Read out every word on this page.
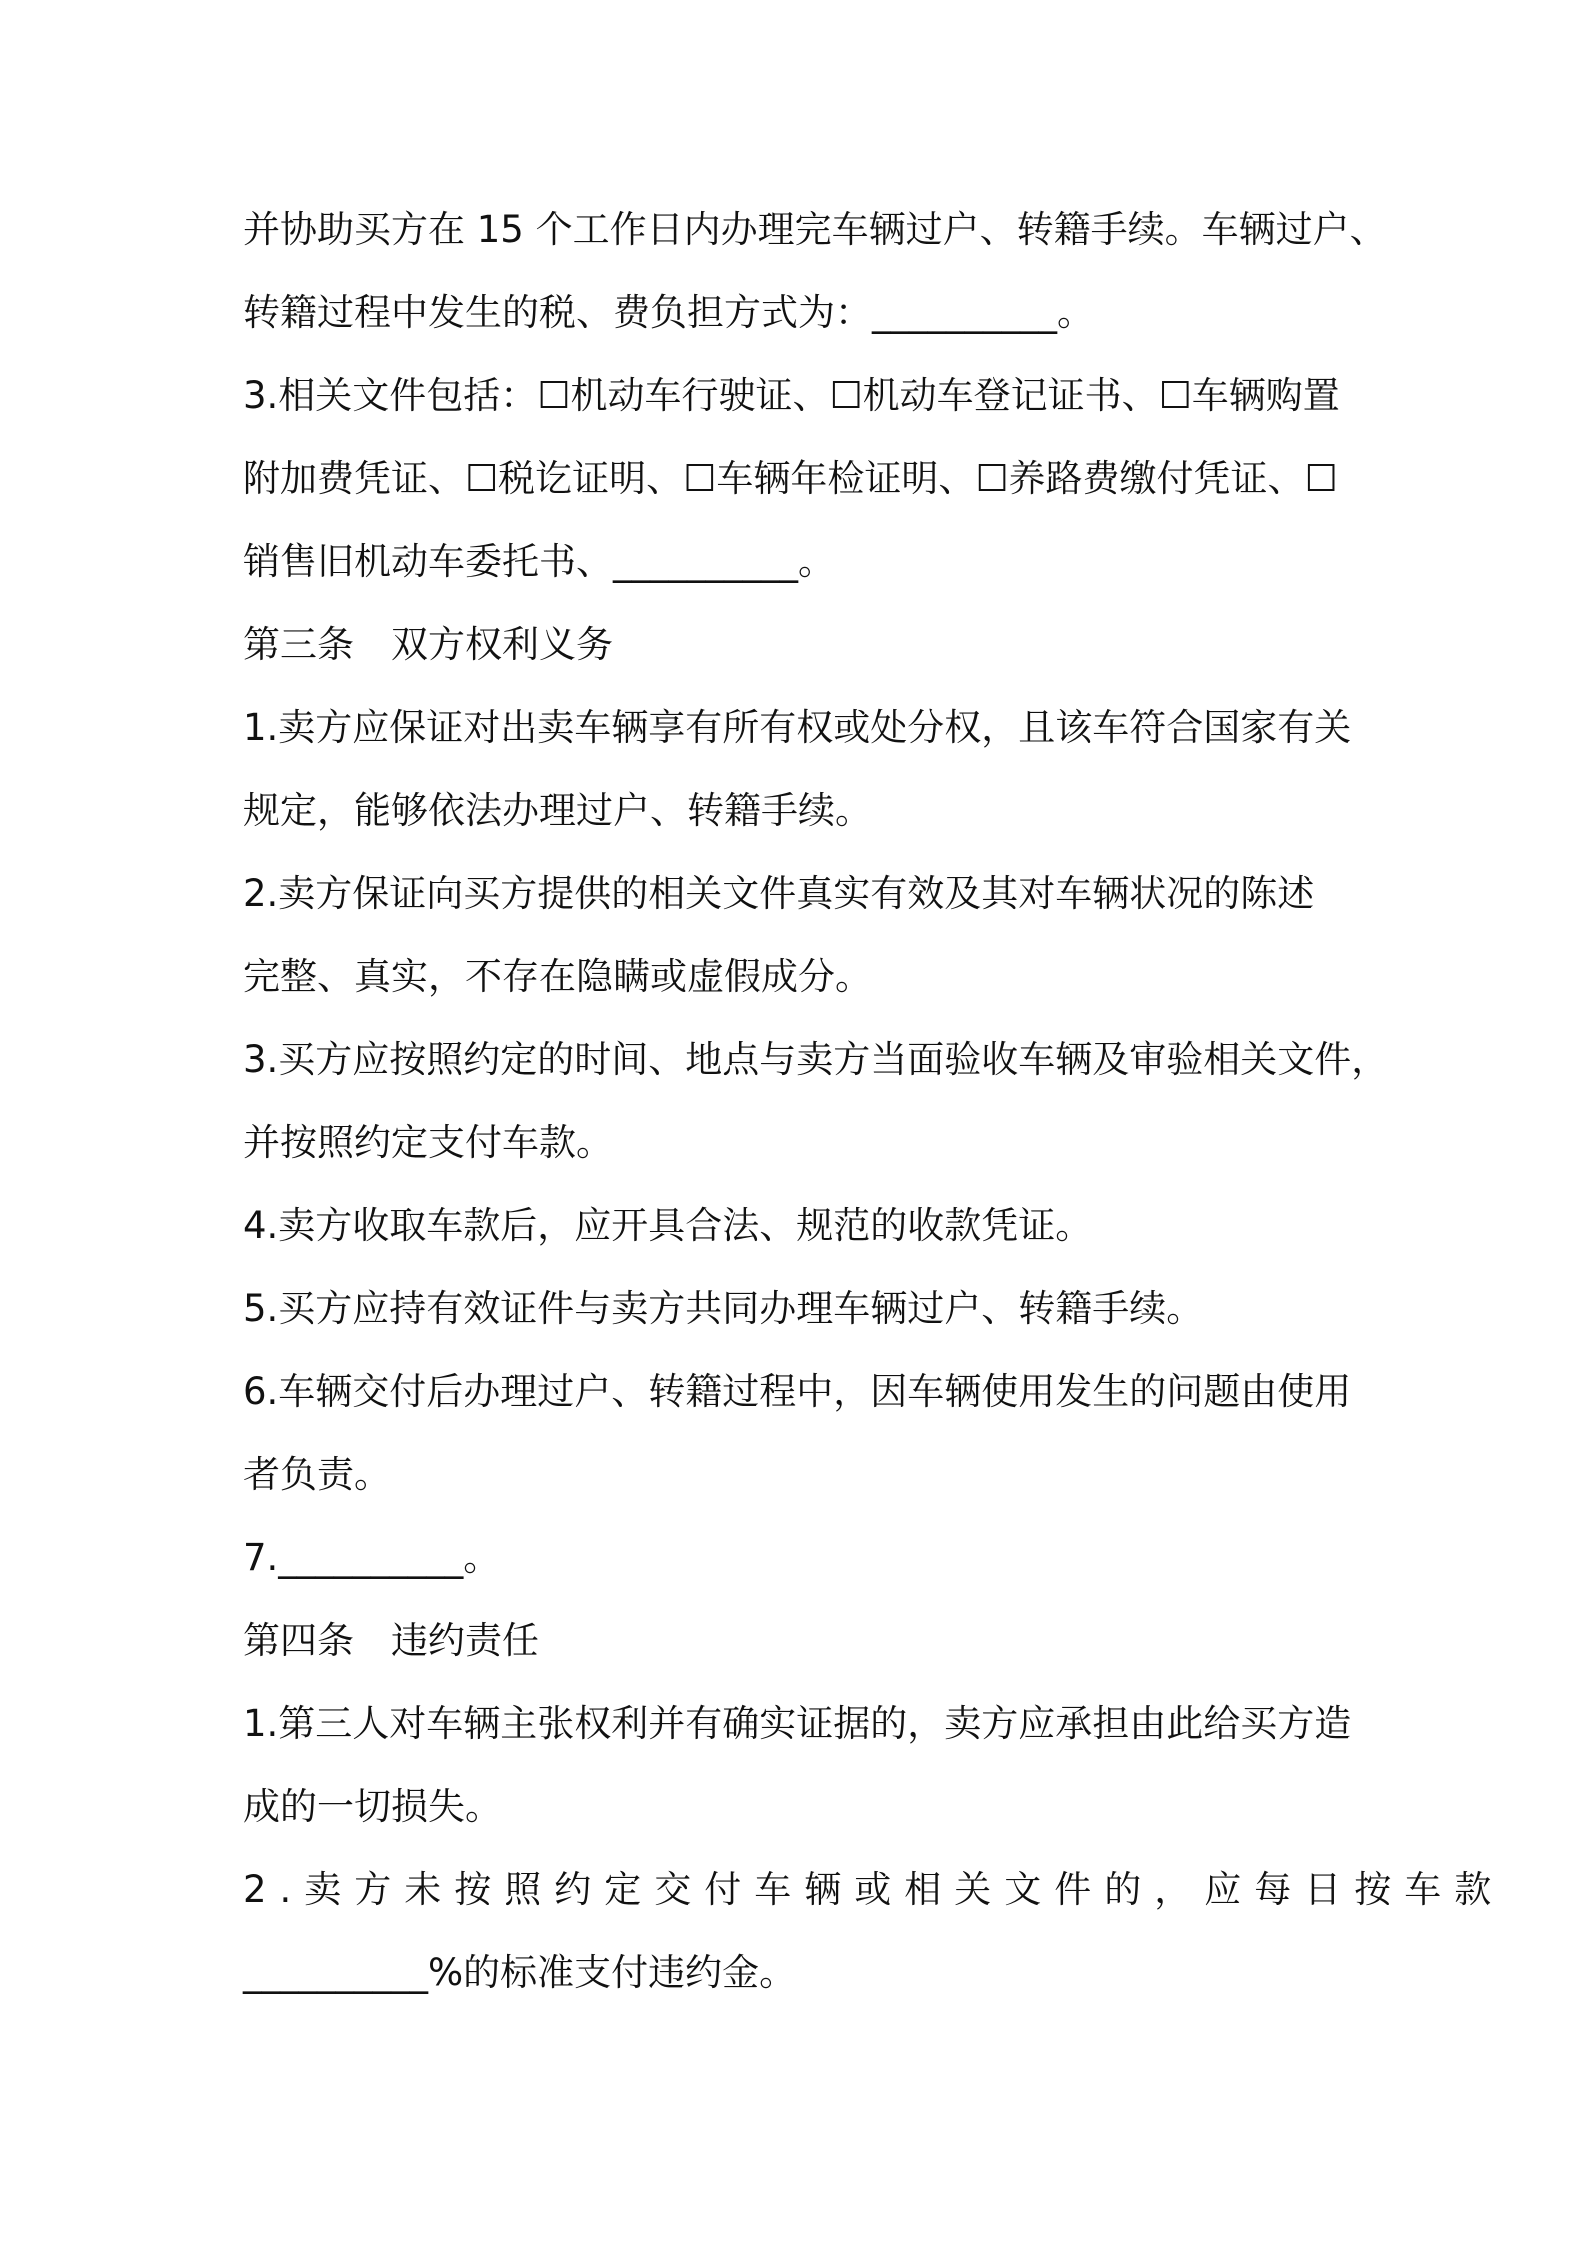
并协助买方在 15 个工作日内办理完车辆过户、转籍手续。车辆过户、
转籍过程中发生的税、费负担方式为：__________。
3.相关文件包括：☐机动车行驶证、☐机动车登记证书、☐车辆购置
附加费凭证、☐税讫证明、☐车辆年检证明、☐养路费缴付凭证、☐
销售旧机动车委托书、__________。
第三条　双方权利义务
1.卖方应保证对出卖车辆享有所有权或处分权，且该车符合国家有关
规定，能够依法办理过户、转籍手续。
2.卖方保证向买方提供的相关文件真实有效及其对车辆状况的陈述
完整、真实，不存在隐瞒或虚假成分。
3.买方应按照约定的时间、地点与卖方当面验收车辆及审验相关文件，
并按照约定支付车款。
4.卖方收取车款后，应开具合法、规范的收款凭证。
5.买方应持有效证件与卖方共同办理车辆过户、转籍手续。
6.车辆交付后办理过户、转籍过程中，因车辆使用发生的问题由使用
者负责。
7.__________。
第四条　违约责任
1.第三人对车辆主张权利并有确实证据的，卖方应承担由此给买方造
成的一切损失。
2.卖方未按照约定交付车辆或相关文件的，应每日按车款
__________%的标准支付违约金。
